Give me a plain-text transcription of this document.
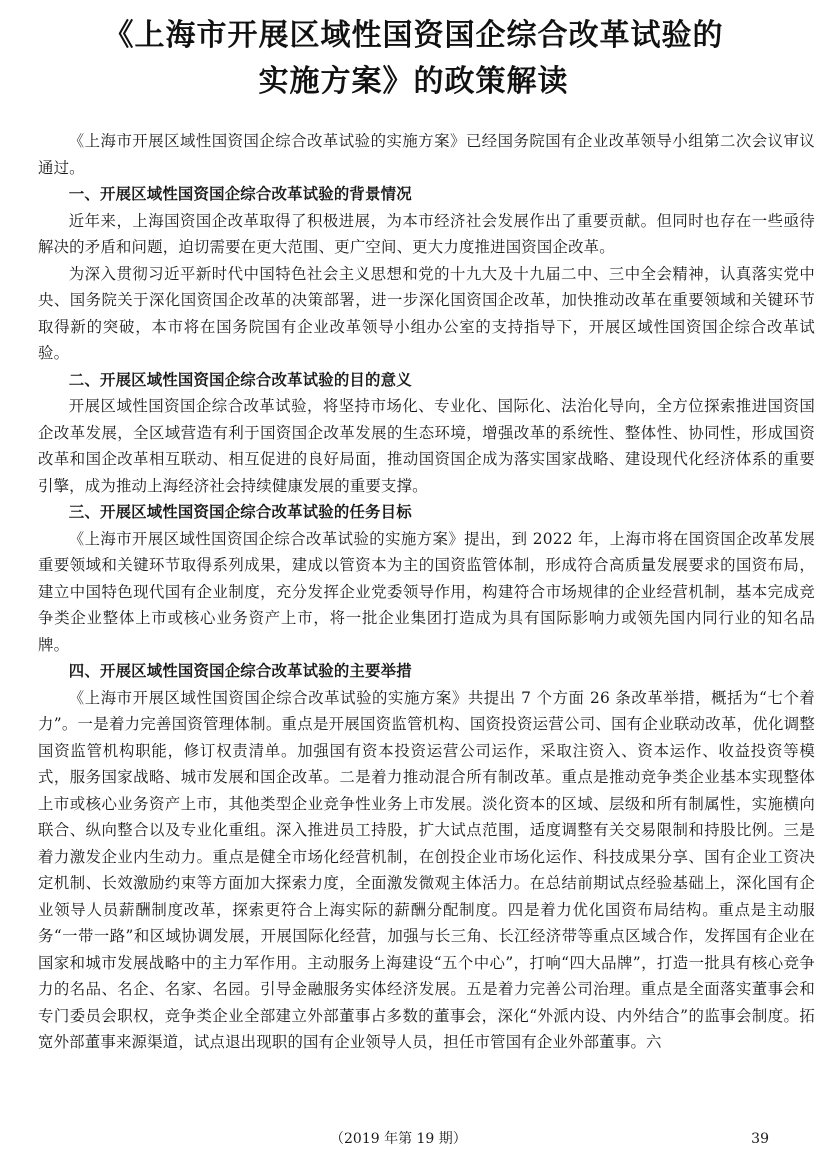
《上海市开展区域性国资国企综合改革试验的
实施方案》的政策解读

《上海市开展区域性国资国企综合改革试验的实施方案》已经国务院国有企业改革领导小组第二次会议审议通过。

一、开展区域性国资国企综合改革试验的背景情况

近年来，上海国资国企改革取得了积极进展，为本市经济社会发展作出了重要贡献。但同时也存在一些亟待解决的矛盾和问题，迫切需要在更大范围、更广空间、更大力度推进国资国企改革。

为深入贯彻习近平新时代中国特色社会主义思想和党的十九大及十九届二中、三中全会精神，认真落实党中央、国务院关于深化国资国企改革的决策部署，进一步深化国资国企改革，加快推动改革在重要领域和关键环节取得新的突破，本市将在国务院国有企业改革领导小组办公室的支持指导下，开展区域性国资国企综合改革试验。

二、开展区域性国资国企综合改革试验的目的意义

开展区域性国资国企综合改革试验，将坚持市场化、专业化、国际化、法治化导向，全方位探索推进国资国企改革发展，全区域营造有利于国资国企改革发展的生态环境，增强改革的系统性、整体性、协同性，形成国资改革和国企改革相互联动、相互促进的良好局面，推动国资国企成为落实国家战略、建设现代化经济体系的重要引擎，成为推动上海经济社会持续健康发展的重要支撑。

三、开展区域性国资国企综合改革试验的任务目标

《上海市开展区域性国资国企综合改革试验的实施方案》提出，到 2022 年，上海市将在国资国企改革发展重要领域和关键环节取得系列成果，建成以管资本为主的国资监管体制，形成符合高质量发展要求的国资布局，建立中国特色现代国有企业制度，充分发挥企业党委领导作用，构建符合市场规律的企业经营机制，基本完成竞争类企业整体上市或核心业务资产上市，将一批企业集团打造成为具有国际影响力或领先国内同行业的知名品牌。

四、开展区域性国资国企综合改革试验的主要举措

《上海市开展区域性国资国企综合改革试验的实施方案》共提出 7 个方面 26 条改革举措，概括为“七个着力”。一是着力完善国资管理体制。重点是开展国资监管机构、国资投资运营公司、国有企业联动改革，优化调整国资监管机构职能，修订权责清单。加强国有资本投资运营公司运作，采取注资入、资本运作、收益投资等模式，服务国家战略、城市发展和国企改革。二是着力推动混合所有制改革。重点是推动竞争类企业基本实现整体上市或核心业务资产上市，其他类型企业竞争性业务上市发展。淡化资本的区域、层级和所有制属性，实施横向联合、纵向整合以及专业化重组。深入推进员工持股，扩大试点范围，适度调整有关交易限制和持股比例。三是着力激发企业内生动力。重点是健全市场化经营机制，在创投企业市场化运作、科技成果分享、国有企业工资决定机制、长效激励约束等方面加大探索力度，全面激发微观主体活力。在总结前期试点经验基础上，深化国有企业领导人员薪酬制度改革，探索更符合上海实际的薪酬分配制度。四是着力优化国资布局结构。重点是主动服务“一带一路”和区域协调发展，开展国际化经营，加强与长三角、长江经济带等重点区域合作，发挥国有企业在国家和城市发展战略中的主力军作用。主动服务上海建设“五个中心”，打响“四大品牌”，打造一批具有核心竞争力的名品、名企、名家、名园。引导金融服务实体经济发展。五是着力完善公司治理。重点是全面落实董事会和专门委员会职权，竞争类企业全部建立外部董事占多数的董事会，深化“外派内设、内外结合”的监事会制度。拓宽外部董事来源渠道，试点退出现职的国有企业领导人员，担任市管国有企业外部董事。六

（2019 年第 19 期）	39
